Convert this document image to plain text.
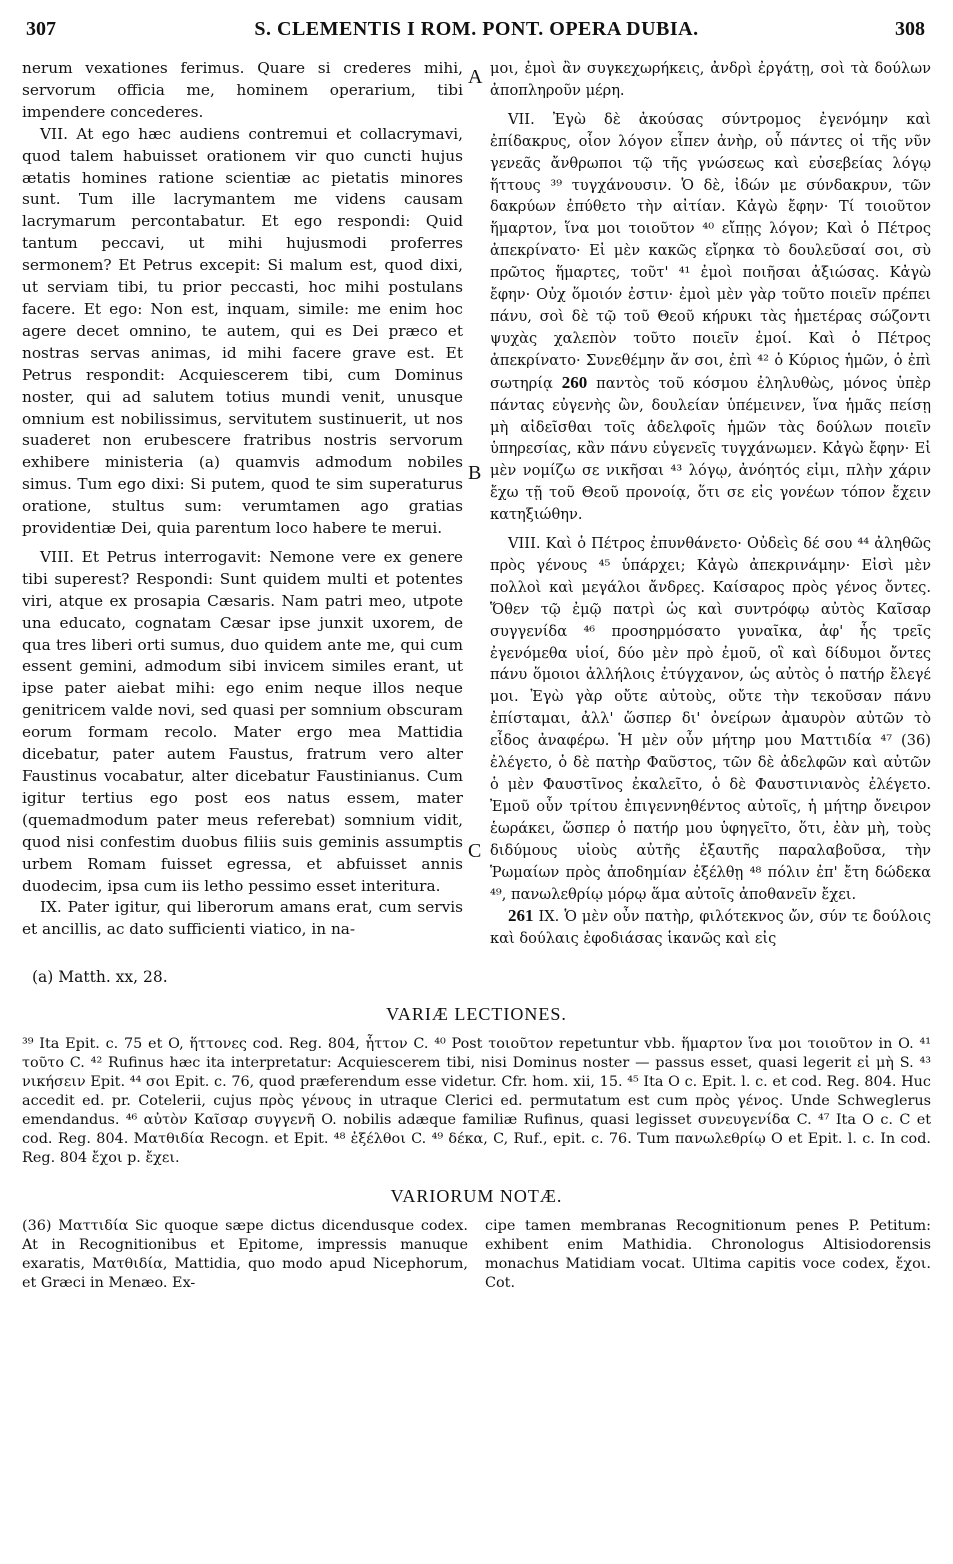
307	S. CLEMENTIS I ROM. PONT. OPERA DUBIA.	308
A
B
C

nerum vexationes ferimus. Quare si crederes mihi, servorum officia me, hominem operarium, tibi impendere concederes.

VII. At ego hæc audiens contremui et collacrymavi, quod talem habuisset orationem vir quo cuncti hujus ætatis homines ratione scientiæ ac pietatis minores sunt. Tum ille lacrymantem me videns causam lacrymarum percontabatur. Et ego respondi: Quid tantum peccavi, ut mihi hujusmodi proferres sermonem? Et Petrus excepit: Si malum est, quod dixi, ut serviam tibi, tu prior peccasti, hoc mihi postulans facere. Et ego: Non est, inquam, simile: me enim hoc agere decet omnino, te autem, qui es Dei præco et nostras servas animas, id mihi facere grave est. Et Petrus respondit: Acquiescerem tibi, cum Dominus noster, qui ad salutem totius mundi venit, unusque omnium est nobilissimus, servitutem sustinuerit, ut nos suaderet non erubescere fratribus nostris servorum exhibere ministeria (a) quamvis admodum nobiles simus. Tum ego dixi: Si putem, quod te sim superaturus oratione, stultus sum: verumtamen ago gratias providentiæ Dei, quia parentum loco habere te merui.

VIII. Et Petrus interrogavit: Nemone vere ex genere tibi superest? Respondi: Sunt quidem multi et potentes viri, atque ex prosapia Cæsaris. Nam patri meo, utpote una educato, cognatam Cæsar ipse junxit uxorem, de qua tres liberi orti sumus, duo quidem ante me, qui cum essent gemini, admodum sibi invicem similes erant, ut ipse pater aiebat mihi: ego enim neque illos neque genitricem valde novi, sed quasi per somnium obscuram eorum formam recolo. Mater ergo mea Mattidia dicebatur, pater autem Faustus, fratrum vero alter Faustinus vocabatur, alter dicebatur Faustinianus. Cum igitur tertius ego post eos natus essem, mater (quemadmodum pater meus referebat) somnium vidit, quod nisi confestim duobus filiis suis geminis assumptis urbem Romam fuisset egressa, et abfuisset annis duodecim, ipsa cum iis letho pessimo esset interitura.

IX. Pater igitur, qui liberorum amans erat, cum servis et ancillis, ac dato sufficienti viatico, in na-

μοι, ἐμοὶ ἂν συγκεχωρήκεις, ἀνδρὶ ἐργάτῃ, σοὶ τὰ δούλων ἀποπληροῦν μέρη.

VII. Ἐγὼ δὲ ἀκούσας σύντρομος ἐγενόμην καὶ ἐπίδακρυς, οἷον λόγον εἶπεν ἀνὴρ, οὗ πάντες οἱ τῆς νῦν γενεᾶς ἄνθρωποι τῷ τῆς γνώσεως καὶ εὐσεβείας λόγῳ ἥττους ³⁹ τυγχάνουσιν. Ὁ δὲ, ἰδών με σύνδακρυν, τῶν δακρύων ἐπύθετο τὴν αἰτίαν. Κἀγὼ ἔφην· Τί τοιοῦτον ἥμαρτον, ἵνα μοι τοιοῦτον ⁴⁰ εἴπῃς λόγον; Καὶ ὁ Πέτρος ἀπεκρίνατο· Εἰ μὲν κακῶς εἴρηκα τὸ δουλεῦσαί σοι, σὺ πρῶτος ἥμαρτες, τοῦτ' ⁴¹ ἐμοὶ ποιῆσαι ἀξιώσας. Κἀγὼ ἔφην· Οὐχ ὅμοιόν ἐστιν· ἐμοὶ μὲν γὰρ τοῦτο ποιεῖν πρέπει πάνυ, σοὶ δὲ τῷ τοῦ Θεοῦ κήρυκι τὰς ἡμετέρας σώζοντι ψυχὰς χαλεπὸν τοῦτο ποιεῖν ἐμοί. Καὶ ὁ Πέτρος ἀπεκρίνατο· Συνεθέμην ἄν σοι, ἐπὶ ⁴² ὁ Κύριος ἡμῶν, ὁ ἐπὶ σωτηρίᾳ 260 παντὸς τοῦ κόσμου ἐληλυθὼς, μόνος ὑπὲρ πάντας εὐγενὴς ὢν, δουλείαν ὑπέμεινεν, ἵνα ἡμᾶς πείσῃ μὴ αἰδεῖσθαι τοῖς ἀδελφοῖς ἡμῶν τὰς δούλων ποιεῖν ὑπηρεσίας, κἂν πάνυ εὐγενεῖς τυγχάνωμεν. Κἀγὼ ἔφην· Εἰ μὲν νομίζω σε νικῆσαι ⁴³ λόγῳ, ἀνόητός εἰμι, πλὴν χάριν ἔχω τῇ τοῦ Θεοῦ προνοίᾳ, ὅτι σε εἰς γονέων τόπον ἔχειν κατηξιώθην.

VIII. Καὶ ὁ Πέτρος ἐπυνθάνετο· Οὐδεὶς δέ σου ⁴⁴ ἀληθῶς πρὸς γένους ⁴⁵ ὑπάρχει; Κἀγὼ ἀπεκρινάμην· Εἰσὶ μὲν πολλοὶ καὶ μεγάλοι ἄνδρες. Καίσαρος πρὸς γένος ὄντες. Ὅθεν τῷ ἐμῷ πατρὶ ὡς καὶ συντρόφῳ αὐτὸς Καῖσαρ συγγενίδα ⁴⁶ προσηρμόσατο γυναῖκα, ἀφ' ἧς τρεῖς ἐγενόμεθα υἱοί, δύο μὲν πρὸ ἐμοῦ, οἳ καὶ δίδυμοι ὄντες πάνυ ὅμοιοι ἀλλήλοις ἐτύγχανον, ὡς αὐτὸς ὁ πατήρ ἔλεγέ μοι. Ἐγὼ γὰρ οὔτε αὐτοὺς, οὔτε τὴν τεκοῦσαν πάνυ ἐπίσταμαι, ἀλλ' ὥσπερ δι' ὀνείρων ἀμαυρὸν αὐτῶν τὸ εἶδος ἀναφέρω. Ἡ μὲν οὖν μήτηρ μου Ματτιδία ⁴⁷ (36) ἐλέγετο, ὁ δὲ πατὴρ Φαῦστος, τῶν δὲ ἀδελφῶν καὶ αὐτῶν ὁ μὲν Φαυστῖνος ἐκαλεῖτο, ὁ δὲ Φαυστινιανὸς ἐλέγετο. Ἐμοῦ οὖν τρίτου ἐπιγεννηθέντος αὐτοῖς, ἡ μήτηρ ὄνειρον ἑωράκει, ὥσπερ ὁ πατήρ μου ὑφηγεῖτο, ὅτι, ἐὰν μὴ, τοὺς διδύμους υἱοὺς αὐτῆς ἐξαυτῆς παραλαβοῦσα, τὴν Ῥωμαίων πρὸς ἀποδημίαν ἐξέλθῃ ⁴⁸ πόλιν ἐπ' ἔτη δώδεκα ⁴⁹, πανωλεθρίῳ μόρῳ ἅμα αὐτοῖς ἀποθανεῖν ἔχει.

261 IX. Ὁ μὲν οὖν πατὴρ, φιλότεκνος ὤν, σύν τε δούλοις καὶ δούλαις ἐφοδιάσας ἱκανῶς καὶ εἰς

(a) Matth. xx, 28.
VARIÆ LECTIONES.
³⁹ Ita Epit. c. 75 et O, ἥττονες cod. Reg. 804, ἧττον C. ⁴⁰ Post τοιοῦτον repetuntur vbb. ἥμαρτον ἵνα μοι τοιοῦτον in O. ⁴¹ τοῦτο C. ⁴² Rufinus hæc ita interpretatur: Acquiescerem tibi, nisi Dominus noster — passus esset, quasi legerit εἰ μὴ S. ⁴³ νικήσειν Epit. ⁴⁴ σοι Epit. c. 76, quod præferendum esse videtur. Cfr. hom. xii, 15. ⁴⁵ Ita O c. Epit. l. c. et cod. Reg. 804. Huc accedit ed. pr. Cotelerii, cujus πρὸς γένους in utraque Clerici ed. permutatum est cum πρὸς γένος. Unde Schweglerus emendandus. ⁴⁶ αὐτὸν Καῖσαρ συγγενῆ O. nobilis adæque familiæ Rufinus, quasi legisset συνευγενίδα C. ⁴⁷ Ita O c. C et cod. Reg. 804. Ματθιδία Recogn. et Epit. ⁴⁸ ἐξέλθοι C. ⁴⁹ δέκα, C, Ruf., epit. c. 76. Tum πανωλεθρίῳ O et Epit. l. c. In cod. Reg. 804 ἔχοι p. ἔχει.
VARIORUM NOTÆ.
(36) Ματτιδία Sic quoque sæpe dictus dicendusque codex. At in Recognitionibus et Epitome, impressis manuque exaratis, Ματθιδία, Mattidia, quo modo apud Nicephorum, et Græci in Menæo. Ex-
cipe tamen membranas Recognitionum penes P. Petitum: exhibent enim Mathidia. Chronologus Altisiodorensis monachus Matidiam vocat. Ultima capitis voce codex, ἔχοι. Cot.
